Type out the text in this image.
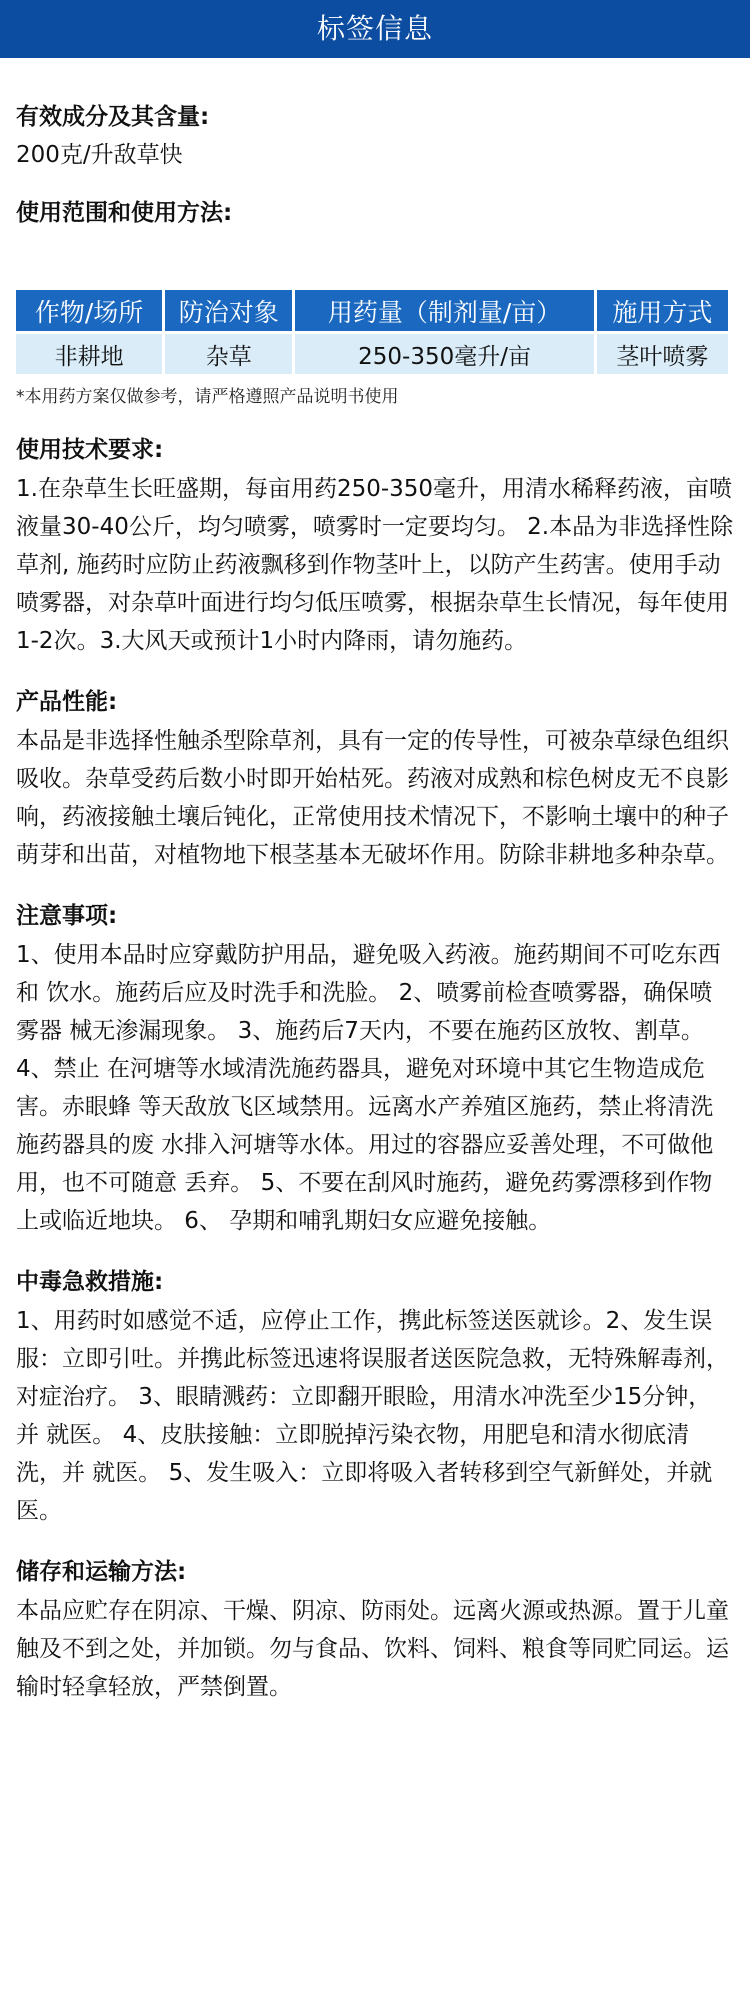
标签信息
有效成分及其含量:
200克/升敌草快
使用范围和使用方法:
作物/场所	防治对象	用药量（制剂量/亩）	施用方式
非耕地	杂草	250-350毫升/亩	茎叶喷雾
*本用药方案仅做参考，请严格遵照产品说明书使用
使用技术要求:
1.在杂草生长旺盛期，每亩用药250-350毫升，用清水稀释药液，亩喷液量30-40公斤，均匀喷雾，喷雾时一定要均匀。 2.本品为非选择性除草剂, 施药时应防止药液飘移到作物茎叶上，以防产生药害。使用手动喷雾器，对杂草叶面进行均匀低压喷雾，根据杂草生长情况，每年使用1-2次。3.大风天或预计1小时内降雨，请勿施药。
产品性能:
本品是非选择性触杀型除草剂，具有一定的传导性，可被杂草绿色组织 吸收。杂草受药后数小时即开始枯死。药液对成熟和棕色树皮无不良影 响，药液接触土壤后钝化，正常使用技术情况下，不影响土壤中的种子 萌芽和出苗，对植物地下根茎基本无破坏作用。防除非耕地多种杂草。
注意事项:
1、使用本品时应穿戴防护用品，避免吸入药液。施药期间不可吃东西和 饮水。施药后应及时洗手和洗脸。 2、喷雾前检查喷雾器，确保喷雾器 械无渗漏现象。 3、施药后7天内，不要在施药区放牧、割草。 4、禁止 在河塘等水域清洗施药器具，避免对环境中其它生物造成危害。赤眼蜂 等天敌放飞区域禁用。远离水产养殖区施药，禁止将清洗施药器具的废 水排入河塘等水体。用过的容器应妥善处理，不可做他用，也不可随意 丢弃。 5、不要在刮风时施药，避免药雾漂移到作物上或临近地块。 6、 孕期和哺乳期妇女应避免接触。
中毒急救措施:
1、用药时如感觉不适，应停止工作，携此标签送医就诊。2、发生误 服：立即引吐。并携此标签迅速将误服者送医院急救，无特殊解毒剂， 对症治疗。 3、眼睛溅药：立即翻开眼睑，用清水冲洗至少15分钟，并 就医。 4、皮肤接触：立即脱掉污染衣物，用肥皂和清水彻底清洗，并 就医。 5、发生吸入：立即将吸入者转移到空气新鲜处，并就医。
储存和运输方法:
本品应贮存在阴凉、干燥、阴凉、防雨处。远离火源或热源。置于儿童 触及不到之处，并加锁。勿与食品、饮料、饲料、粮食等同贮同运。运 输时轻拿轻放，严禁倒置。
